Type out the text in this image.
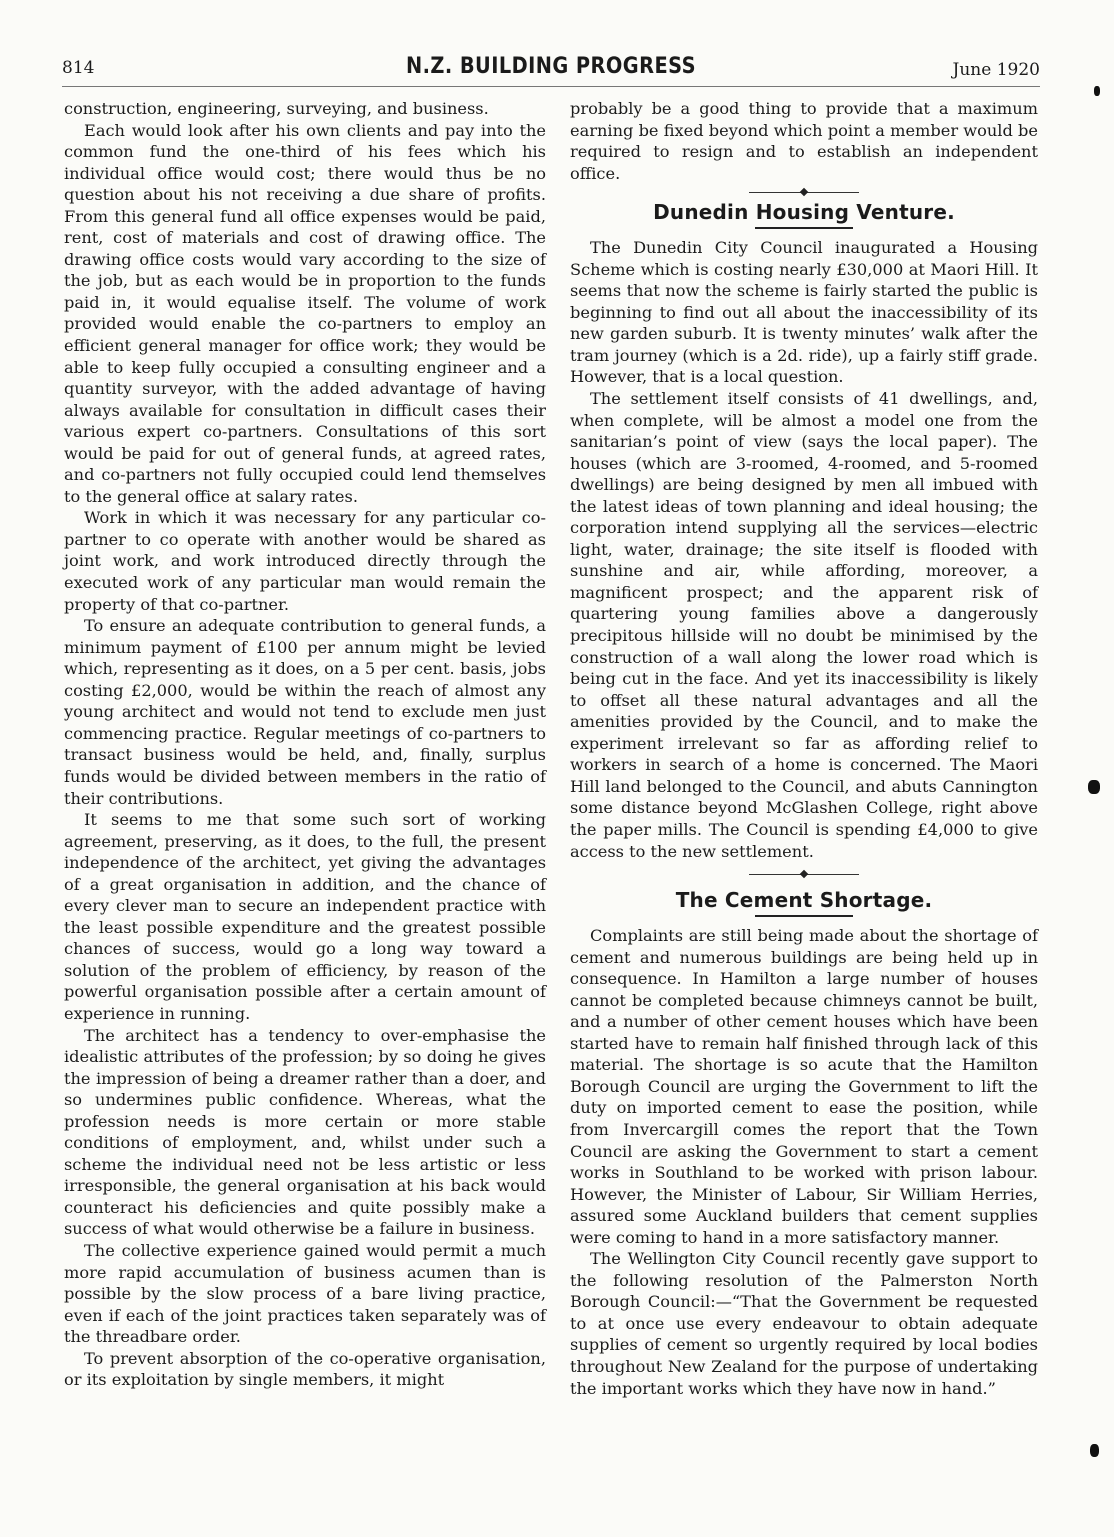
814	N.Z. BUILDING PROGRESS	June 1920

construction, engineering, surveying, and business.

Each would look after his own clients and pay into the common fund the one-third of his fees which his individual office would cost; there would thus be no question about his not receiving a due share of profits. From this general fund all office expenses would be paid, rent, cost of materials and cost of drawing office. The drawing office costs would vary according to the size of the job, but as each would be in proportion to the funds paid in, it would equalise itself. The volume of work provided would enable the co-partners to employ an efficient general manager for office work; they would be able to keep fully occupied a consulting engineer and a quantity surveyor, with the added advantage of having always available for consultation in difficult cases their various expert co-partners. Consultations of this sort would be paid for out of general funds, at agreed rates, and co-partners not fully occupied could lend themselves to the general office at salary rates.

Work in which it was necessary for any particular co-partner to co operate with another would be shared as joint work, and work introduced directly through the executed work of any particular man would remain the property of that co-partner.

To ensure an adequate contribution to general funds, a minimum payment of £100 per annum might be levied which, representing as it does, on a 5 per cent. basis, jobs costing £2,000, would be within the reach of almost any young architect and would not tend to exclude men just commencing practice. Regular meetings of co-partners to transact business would be held, and, finally, surplus funds would be divided between members in the ratio of their contributions.

It seems to me that some such sort of working agreement, preserving, as it does, to the full, the present independence of the architect, yet giving the advantages of a great organisation in addition, and the chance of every clever man to secure an independent practice with the least possible expenditure and the greatest possible chances of success, would go a long way toward a solution of the problem of efficiency, by reason of the powerful organisation possible after a certain amount of experience in running.

The architect has a tendency to over-emphasise the idealistic attributes of the profession; by so doing he gives the impression of being a dreamer rather than a doer, and so undermines public confidence. Whereas, what the profession needs is more certain or more stable conditions of employment, and, whilst under such a scheme the individual need not be less artistic or less irresponsible, the general organisation at his back would counteract his deficiencies and quite possibly make a success of what would otherwise be a failure in business.

The collective experience gained would permit a much more rapid accumulation of business acumen than is possible by the slow process of a bare living practice, even if each of the joint practices taken separately was of the threadbare order.

To prevent absorption of the co-operative organisation, or its exploitation by single members, it might

probably be a good thing to provide that a maximum earning be fixed beyond which point a member would be required to resign and to establish an independent office.

Dunedin Housing Venture.

The Dunedin City Council inaugurated a Housing Scheme which is costing nearly £30,000 at Maori Hill. It seems that now the scheme is fairly started the public is beginning to find out all about the inaccessibility of its new garden suburb. It is twenty minutes’ walk after the tram journey (which is a 2d. ride), up a fairly stiff grade. However, that is a local question.

The settlement itself consists of 41 dwellings, and, when complete, will be almost a model one from the sanitarian’s point of view (says the local paper). The houses (which are 3-roomed, 4-roomed, and 5-roomed dwellings) are being designed by men all imbued with the latest ideas of town planning and ideal housing; the corporation intend supplying all the services—electric light, water, drainage; the site itself is flooded with sunshine and air, while affording, moreover, a magnificent prospect; and the apparent risk of quartering young families above a dangerously precipitous hillside will no doubt be minimised by the construction of a wall along the lower road which is being cut in the face. And yet its inaccessibility is likely to offset all these natural advantages and all the amenities provided by the Council, and to make the experiment irrelevant so far as affording relief to workers in search of a home is concerned. The Maori Hill land belonged to the Council, and abuts Cannington some distance beyond McGlashen College, right above the paper mills. The Council is spending £4,000 to give access to the new settlement.

The Cement Shortage.

Complaints are still being made about the shortage of cement and numerous buildings are being held up in consequence. In Hamilton a large number of houses cannot be completed because chimneys cannot be built, and a number of other cement houses which have been started have to remain half finished through lack of this material. The shortage is so acute that the Hamilton Borough Council are urging the Government to lift the duty on imported cement to ease the position, while from Invercargill comes the report that the Town Council are asking the Government to start a cement works in Southland to be worked with prison labour. However, the Minister of Labour, Sir William Herries, assured some Auckland builders that cement supplies were coming to hand in a more satisfactory manner.

The Wellington City Council recently gave support to the following resolution of the Palmerston North Borough Council:—“That the Government be requested to at once use every endeavour to obtain adequate supplies of cement so urgently required by local bodies throughout New Zealand for the purpose of undertaking the important works which they have now in hand.”
